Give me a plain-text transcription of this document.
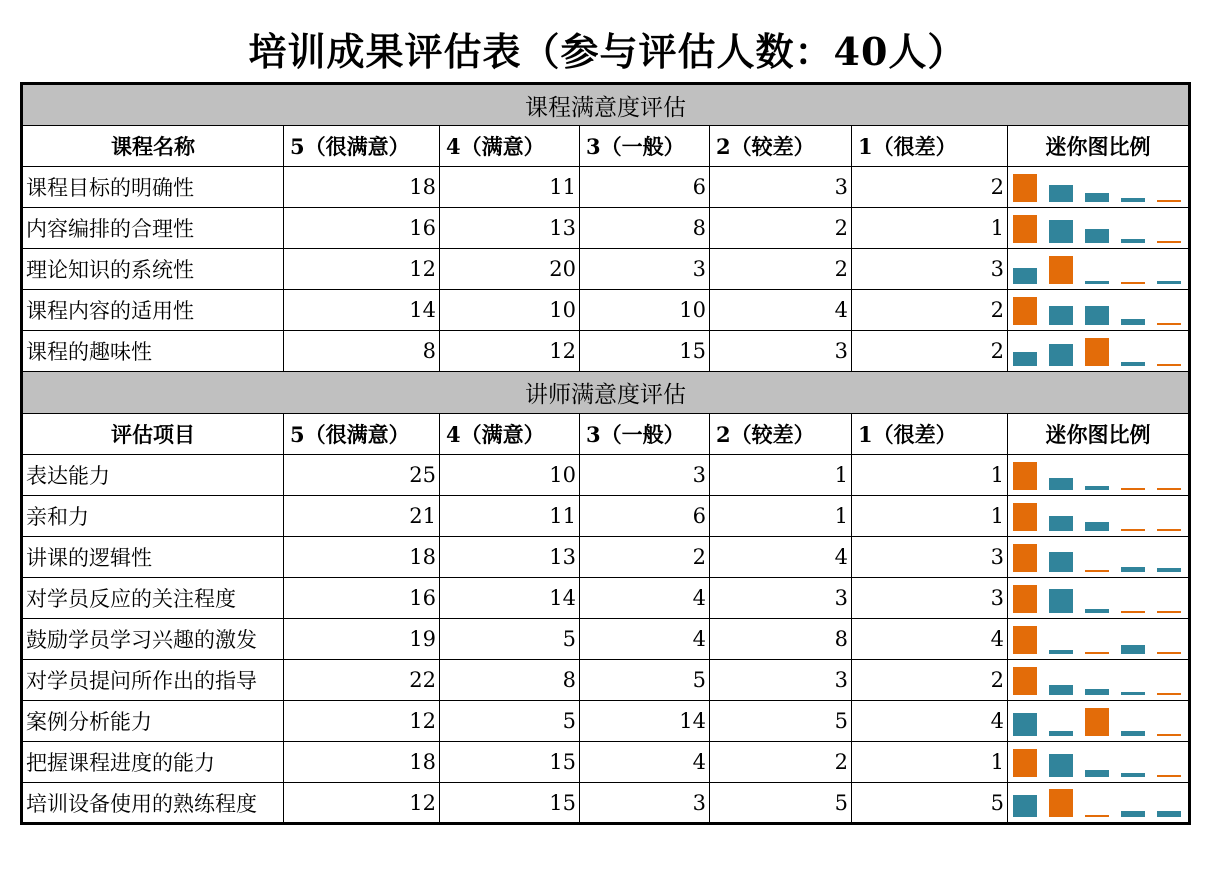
培训成果评估表（参与评估人数：40人）
课程满意度评估						
课程名称	5（很满意）	4（满意）	3（一般）	2（较差）	1（很差）	迷你图比例
课程目标的明确性	18	11	6	3	2	

内容编排的合理性	16	13	8	2	1	

理论知识的系统性	12	20	3	2	3	

课程内容的适用性	14	10	10	4	2	

课程的趣味性	8	12	15	3	2	

讲师满意度评估						
评估项目	5（很满意）	4（满意）	3（一般）	2（较差）	1（很差）	迷你图比例
表达能力	25	10	3	1	1	

亲和力	21	11	6	1	1	

讲课的逻辑性	18	13	2	4	3	

对学员反应的关注程度	16	14	4	3	3	

鼓励学员学习兴趣的激发	19	5	4	8	4	

对学员提问所作出的指导	22	8	5	3	2	

案例分析能力	12	5	14	5	4	

把握课程进度的能力	18	15	4	2	1	

培训设备使用的熟练程度	12	15	3	5	5	
